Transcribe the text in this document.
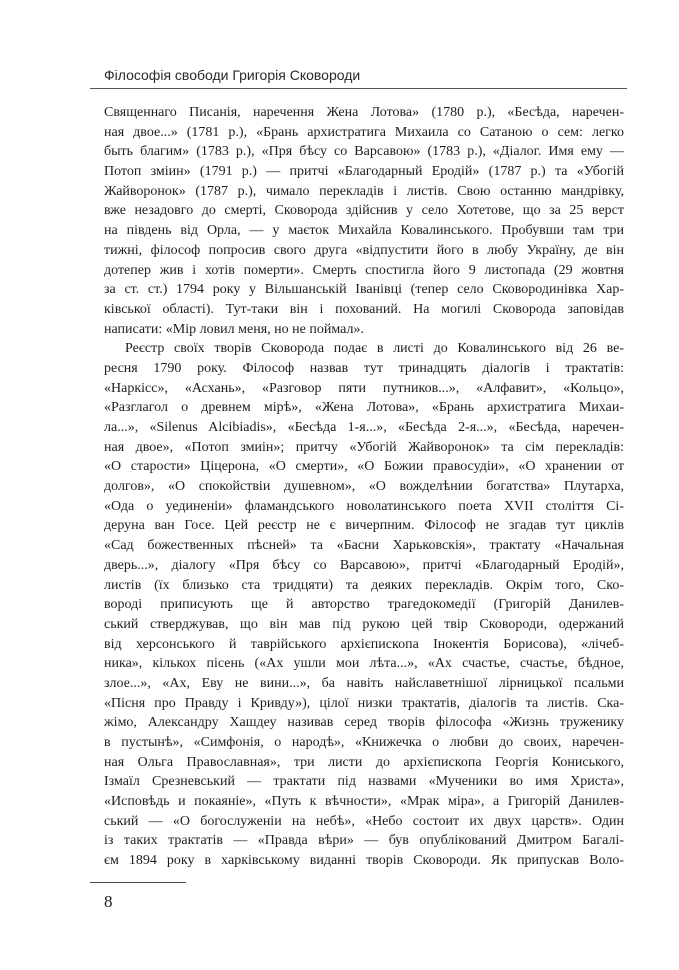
Філософія свободи Григорія Сковороди
Священнаго Писанія, наречення Жена Лотова» (1780 р.), «Бесѣда, наречен-
ная двое...» (1781 р.), «Брань архистратига Михаила со Сатаною о сем: легко
быть благим» (1783 р.), «Пря бѣсу со Варсавою» (1783 р.), «Діалог. Имя ему —
Потоп зміин» (1791 р.) — притчі «Благодарный Еродій» (1787 р.) та «Убогій
Жайворонок» (1787 р.), чимало перекладів і листів. Свою останню мандрівку,
вже незадовго до смерті, Сковорода здійснив у село Хотетове, що за 25 верст
на південь від Орла, — у маєток Михайла Ковалинського. Пробувши там три
тижні, філософ попросив свого друга «відпустити його в любу Україну, де він
дотепер жив і хотів померти». Смерть спостигла його 9 листопада (29 жовтня
за ст. ст.) 1794 року у Вільшанській Іванівці (тепер село Сковородинівка Хар-
ківської області). Тут-таки він і похований. На могилі Сковорода заповідав
написати: «Мір ловил меня, но не поймал».
Реєстр своїх творів Сковорода подає в листі до Ковалинського від 26 ве-
ресня 1790 року. Філософ назвав тут тринадцять діалогів і трактатів:
«Наркісс», «Асхань», «Разговор пяти путников...», «Алфавит», «Кольцо»,
«Разглагол о древнем мірѣ», «Жена Лотова», «Брань архистратига Михаи-
ла...», «Silenus Alcibiadis», «Бесѣда 1-я...», «Бесѣда 2-я...», «Бесѣда, наречен-
ная двое», «Потоп змиін»; притчу «Убогій Жайворонок» та сім перекладів:
«О старости» Ціцерона, «О смерти», «О Божии правосудіи», «О хранении от
долгов», «О спокойствіи душевном», «О вожделѣнии богатства» Плутарха,
«Ода о уединеніи» фламандського новолатинського поета XVII століття Сі-
деруна ван Госе. Цей реєстр не є вичерпним. Філософ не згадав тут циклів
«Сад божественных пѣсней» та «Басни Харьковскія», трактату «Начальная
дверь...», діалогу «Пря бѣсу со Варсавою», притчі «Благодарный Еродій»,
листів (їх близько ста тридцяти) та деяких перекладів. Окрім того, Ско-
вороді приписують ще й авторство трагедокомедії (Григорій Данилев-
ський стверджував, що він мав під рукою цей твір Сковороди, одержаний
від херсонського й таврійського архієпископа Інокентія Борисова), «лічеб-
ника», кількох пісень («Ах ушли мои лѣта...», «Ах счастье, счастье, бѣдное,
злое...», «Ах, Еву не вини...», ба навіть найславетнішої лірницької псальми
«Пісня про Правду і Кривду»), цілої низки трактатів, діалогів та листів. Ска-
жімо, Александру Хашдеу називав серед творів філософа «Жизнь труженику
в пустынѣ», «Симфонія, о народѣ», «Книжечка о любви до своих, наречен-
ная Ольга Православная», три листи до архієпископа Георгія Кониського,
Ізмаїл Срезневський — трактати під назвами «Мученики во имя Христа»,
«Исповѣдь и покаяніе», «Путь к вѣчности», «Мрак міра», а Григорій Данилев-
ський — «О богослуженіи на небѣ», «Небо состоит их двух царств». Один
із таких трактатів — «Правда вѣри» — був опублікований Дмитром Багалі-
єм 1894 року в харківському виданні творів Сковороди. Як припускав Воло-
8
